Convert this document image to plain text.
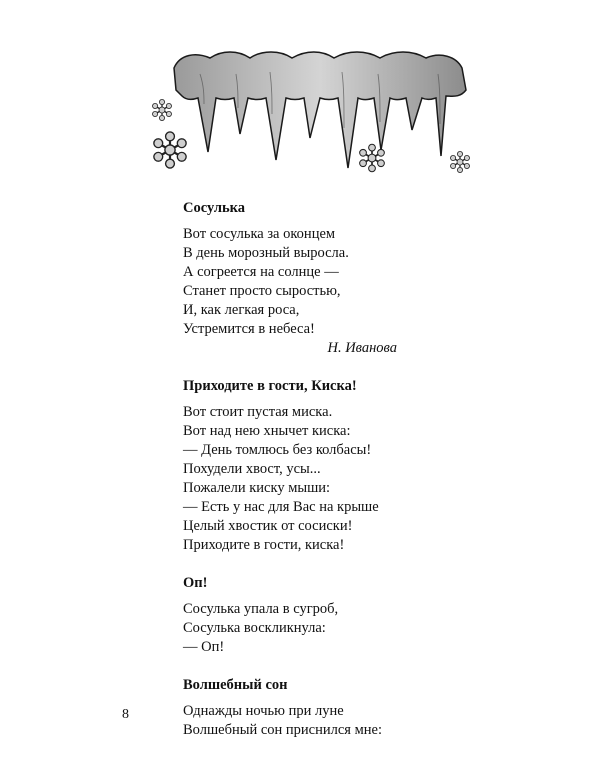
Сосулька
Вот сосулька за оконцем
В день морозный выросла.
А согреется на солнце —
Станет просто сыростью,
И, как легкая роса,
Устремится в небеса!
Н. Иванова
Приходите в гости, Киска!
Вот стоит пустая миска.
Вот над нею хнычет киска:
— День томлюсь без колбасы!
Похудели хвост, усы...
Пожалели киску мыши:
— Есть у нас для Вас на крыше
Целый хвостик от сосиски!
Приходите в гости, киска!
Оп!
Сосулька упала в сугроб,
Сосулька воскликнула:
— Оп!
Волшебный сон
Однажды ночью при луне
Волшебный сон приснился мне:
8
